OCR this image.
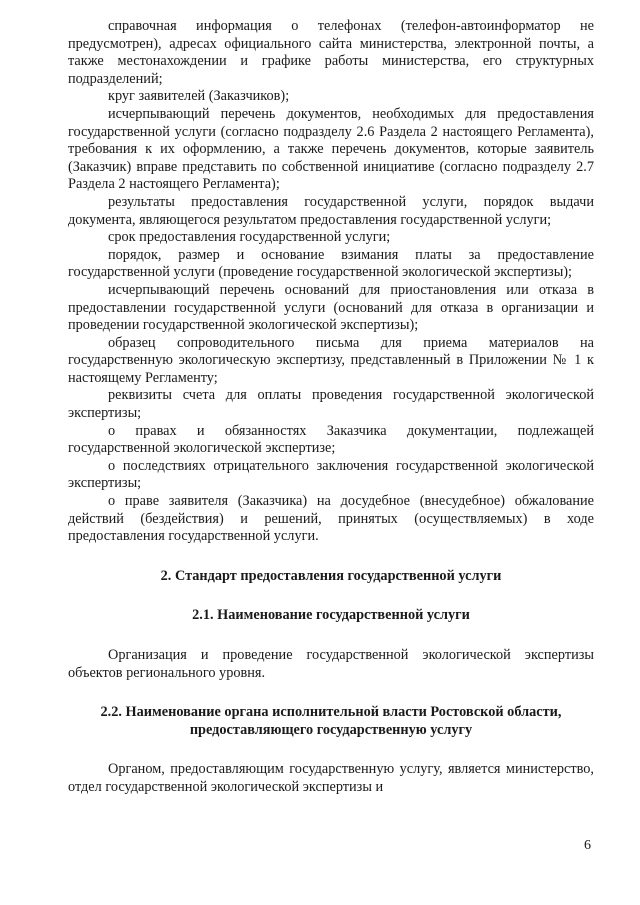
справочная информация о телефонах (телефон-автоинформатор не предусмотрен), адресах официального сайта министерства, электронной почты, а также местонахождении и графике работы министерства, его структурных подразделений;

круг заявителей (Заказчиков);

исчерпывающий перечень документов, необходимых для предоставления государственной услуги (согласно подразделу 2.6 Раздела 2 настоящего Регламента), требования к их оформлению, а также перечень документов, которые заявитель (Заказчик) вправе представить по собственной инициативе (согласно подразделу 2.7 Раздела 2 настоящего Регламента);

результаты предоставления государственной услуги, порядок выдачи документа, являющегося результатом предоставления государственной услуги;

срок предоставления государственной услуги;

порядок, размер и основание взимания платы за предоставление государственной услуги (проведение государственной экологической экспертизы);

исчерпывающий перечень оснований для приостановления или отказа в предоставлении государственной услуги (оснований для отказа в организации и проведении государственной экологической экспертизы);

образец сопроводительного письма для приема материалов на государственную экологическую экспертизу, представленный в Приложении № 1 к настоящему Регламенту;

реквизиты счета для оплаты проведения государственной экологической экспертизы;

о правах и обязанностях Заказчика документации, подлежащей государственной экологической экспертизе;

о последствиях отрицательного заключения государственной экологической экспертизы;

о праве заявителя (Заказчика) на досудебное (внесудебное) обжалование действий (бездействия) и решений, принятых (осуществляемых) в ходе предоставления государственной услуги.

2. Стандарт предоставления государственной услуги

2.1. Наименование государственной услуги

Организация и проведение государственной экологической экспертизы объектов регионального уровня.

2.2. Наименование органа исполнительной власти Ростовской области,

предоставляющего государственную услугу

Органом, предоставляющим государственную услугу, является министерство, отдел государственной экологической экспертизы и

6
